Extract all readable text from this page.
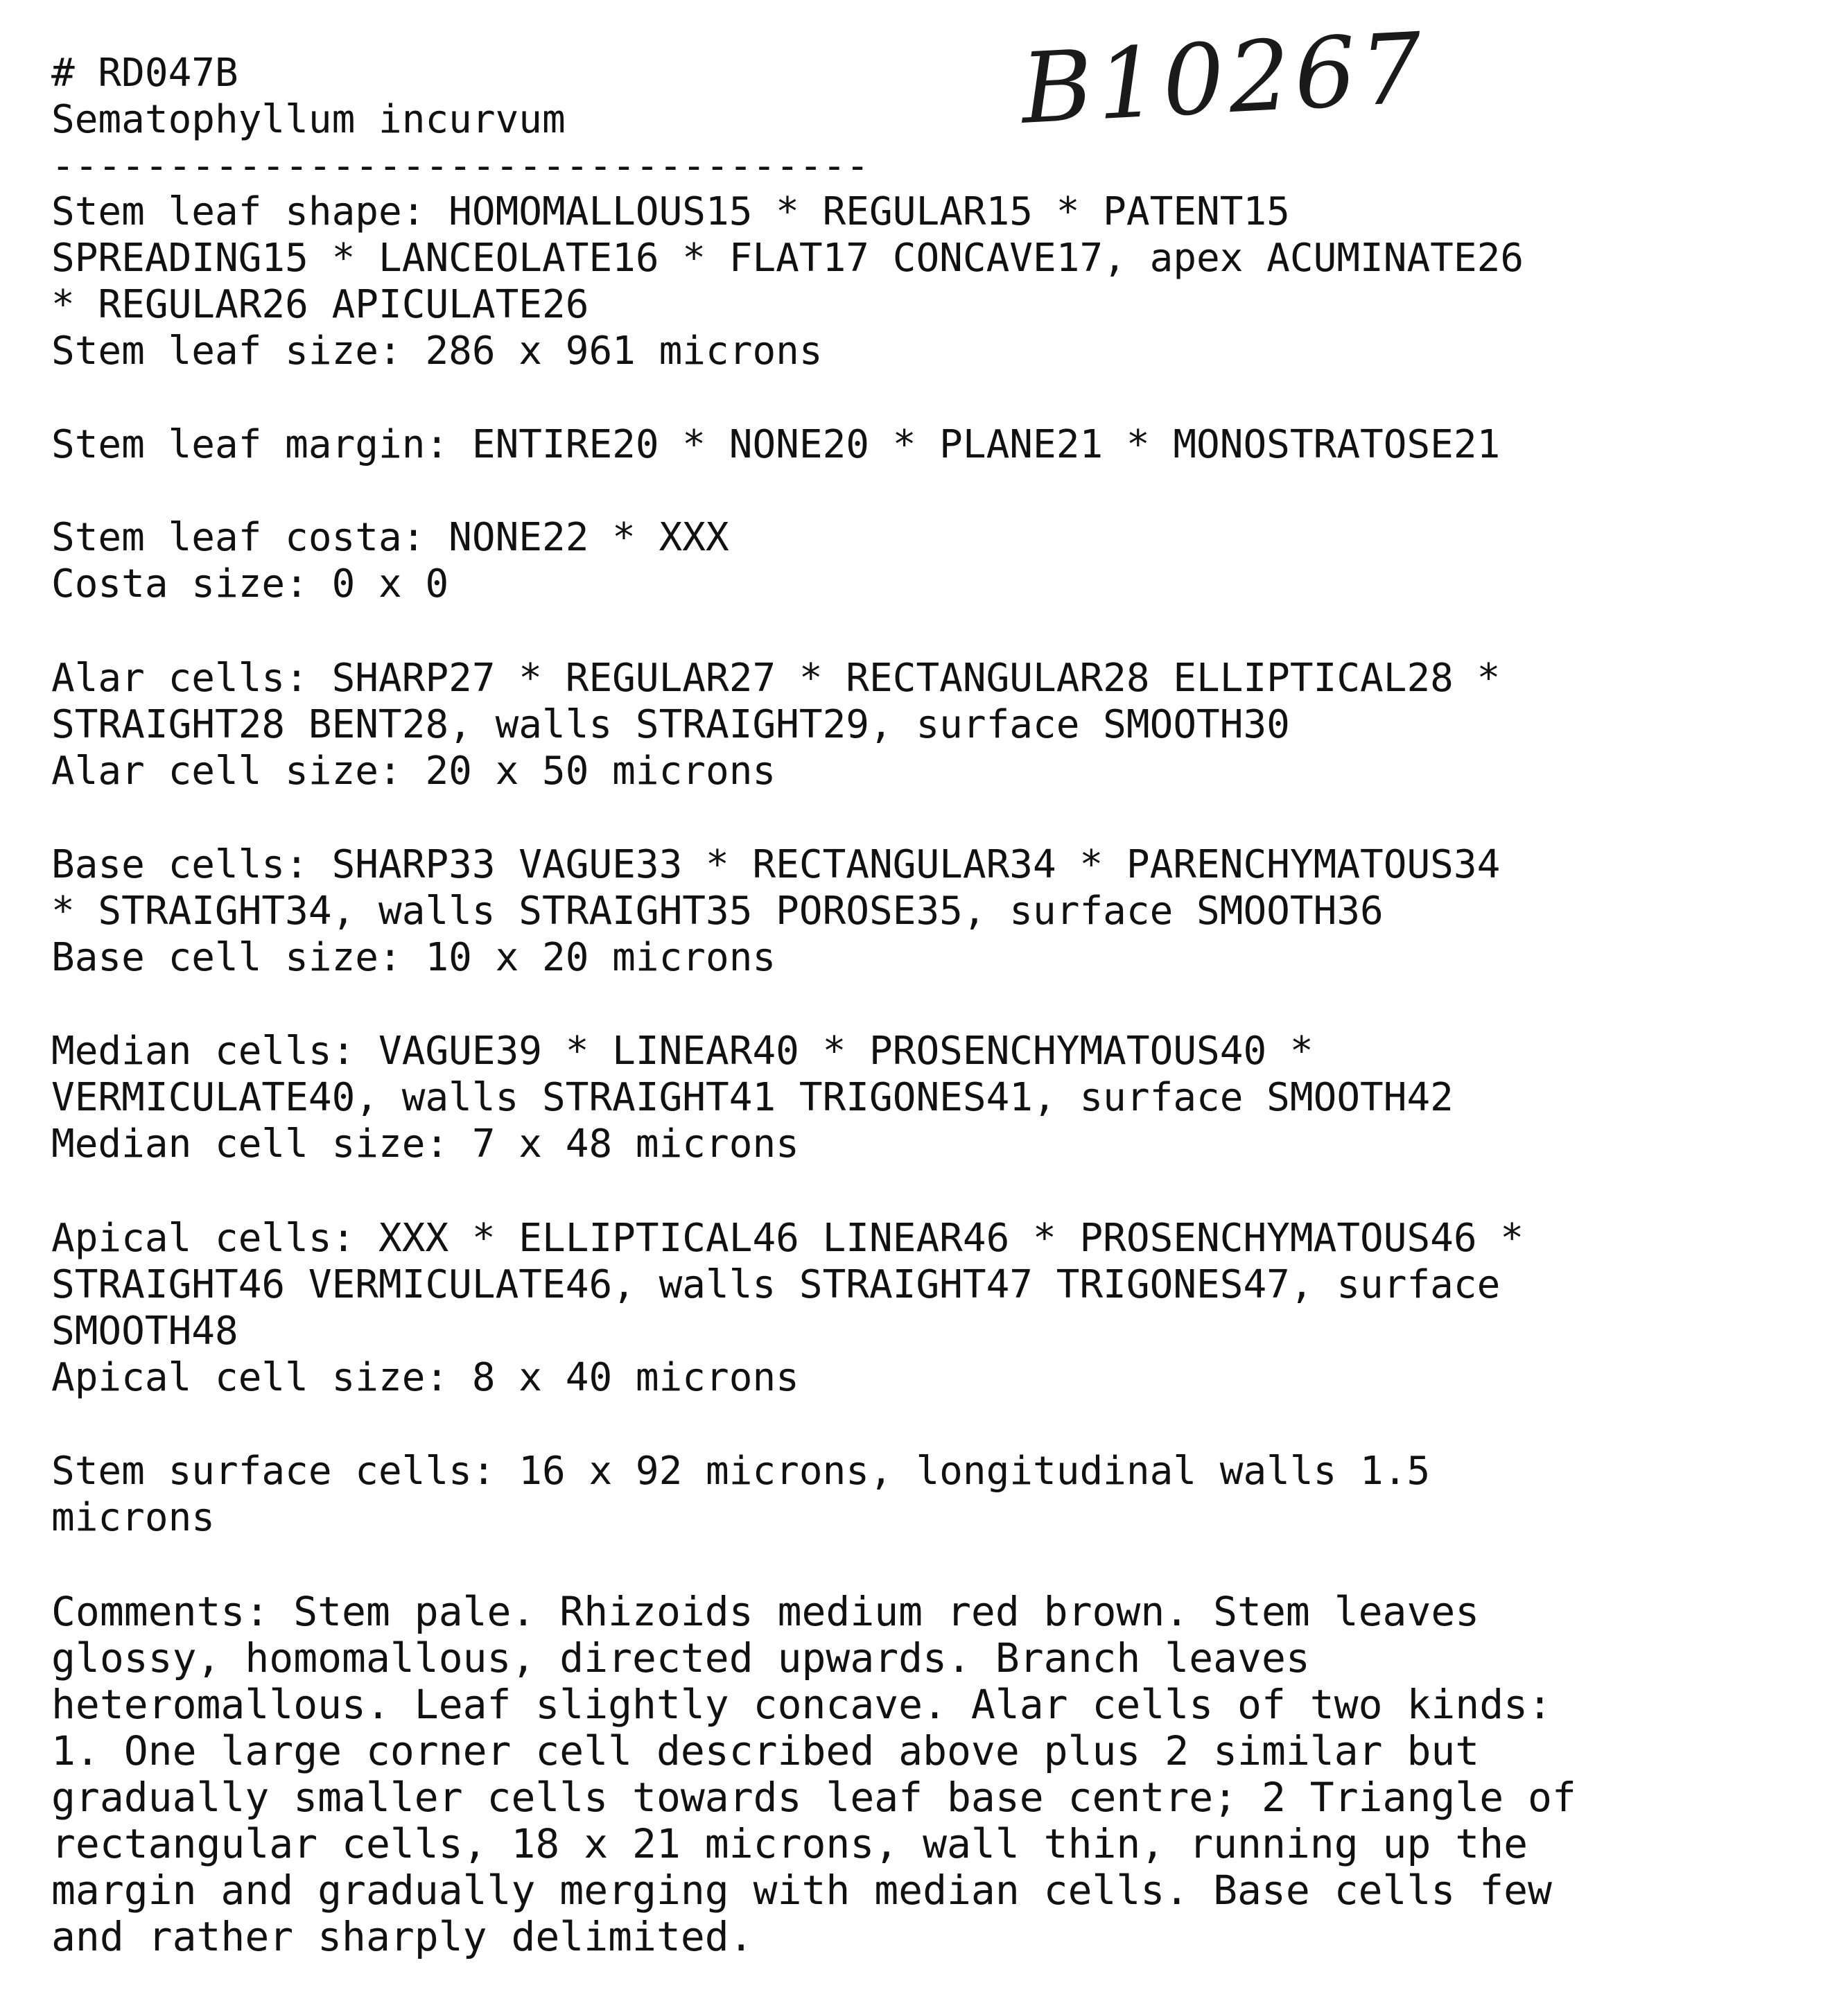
# RD047B
Sematophyllum incurvum
-----------------------------------
B10267
Stem leaf shape: HOMOMALLOUS15 * REGULAR15 * PATENT15
SPREADING15 * LANCEOLATE16 * FLAT17 CONCAVE17, apex ACUMINATE26
* REGULAR26 APICULATE26
Stem leaf size: 286 x 961 microns
Stem leaf margin: ENTIRE20 * NONE20 * PLANE21 * MONOSTRATOSE21
Stem leaf costa: NONE22 * XXX
Costa size: 0 x 0
Alar cells: SHARP27 * REGULAR27 * RECTANGULAR28 ELLIPTICAL28 *
STRAIGHT28 BENT28, walls STRAIGHT29, surface SMOOTH30
Alar cell size: 20 x 50 microns
Base cells: SHARP33 VAGUE33 * RECTANGULAR34 * PARENCHYMATOUS34
* STRAIGHT34, walls STRAIGHT35 POROSE35, surface SMOOTH36
Base cell size: 10 x 20 microns
Median cells: VAGUE39 * LINEAR40 * PROSENCHYMATOUS40 *
VERMICULATE40, walls STRAIGHT41 TRIGONES41, surface SMOOTH42
Median cell size: 7 x 48 microns
Apical cells: XXX * ELLIPTICAL46 LINEAR46 * PROSENCHYMATOUS46 *
STRAIGHT46 VERMICULATE46, walls STRAIGHT47 TRIGONES47, surface
SMOOTH48
Apical cell size: 8 x 40 microns
Stem surface cells: 16 x 92 microns, longitudinal walls 1.5
microns
Comments: Stem pale. Rhizoids medium red brown. Stem leaves
glossy, homomallous, directed upwards. Branch leaves
heteromallous. Leaf slightly concave. Alar cells of two kinds:
1. One large corner cell described above plus 2 similar but
gradually smaller cells towards leaf base centre; 2 Triangle of
rectangular cells, 18 x 21 microns, wall thin, running up the
margin and gradually merging with median cells. Base cells few
and rather sharply delimited.
